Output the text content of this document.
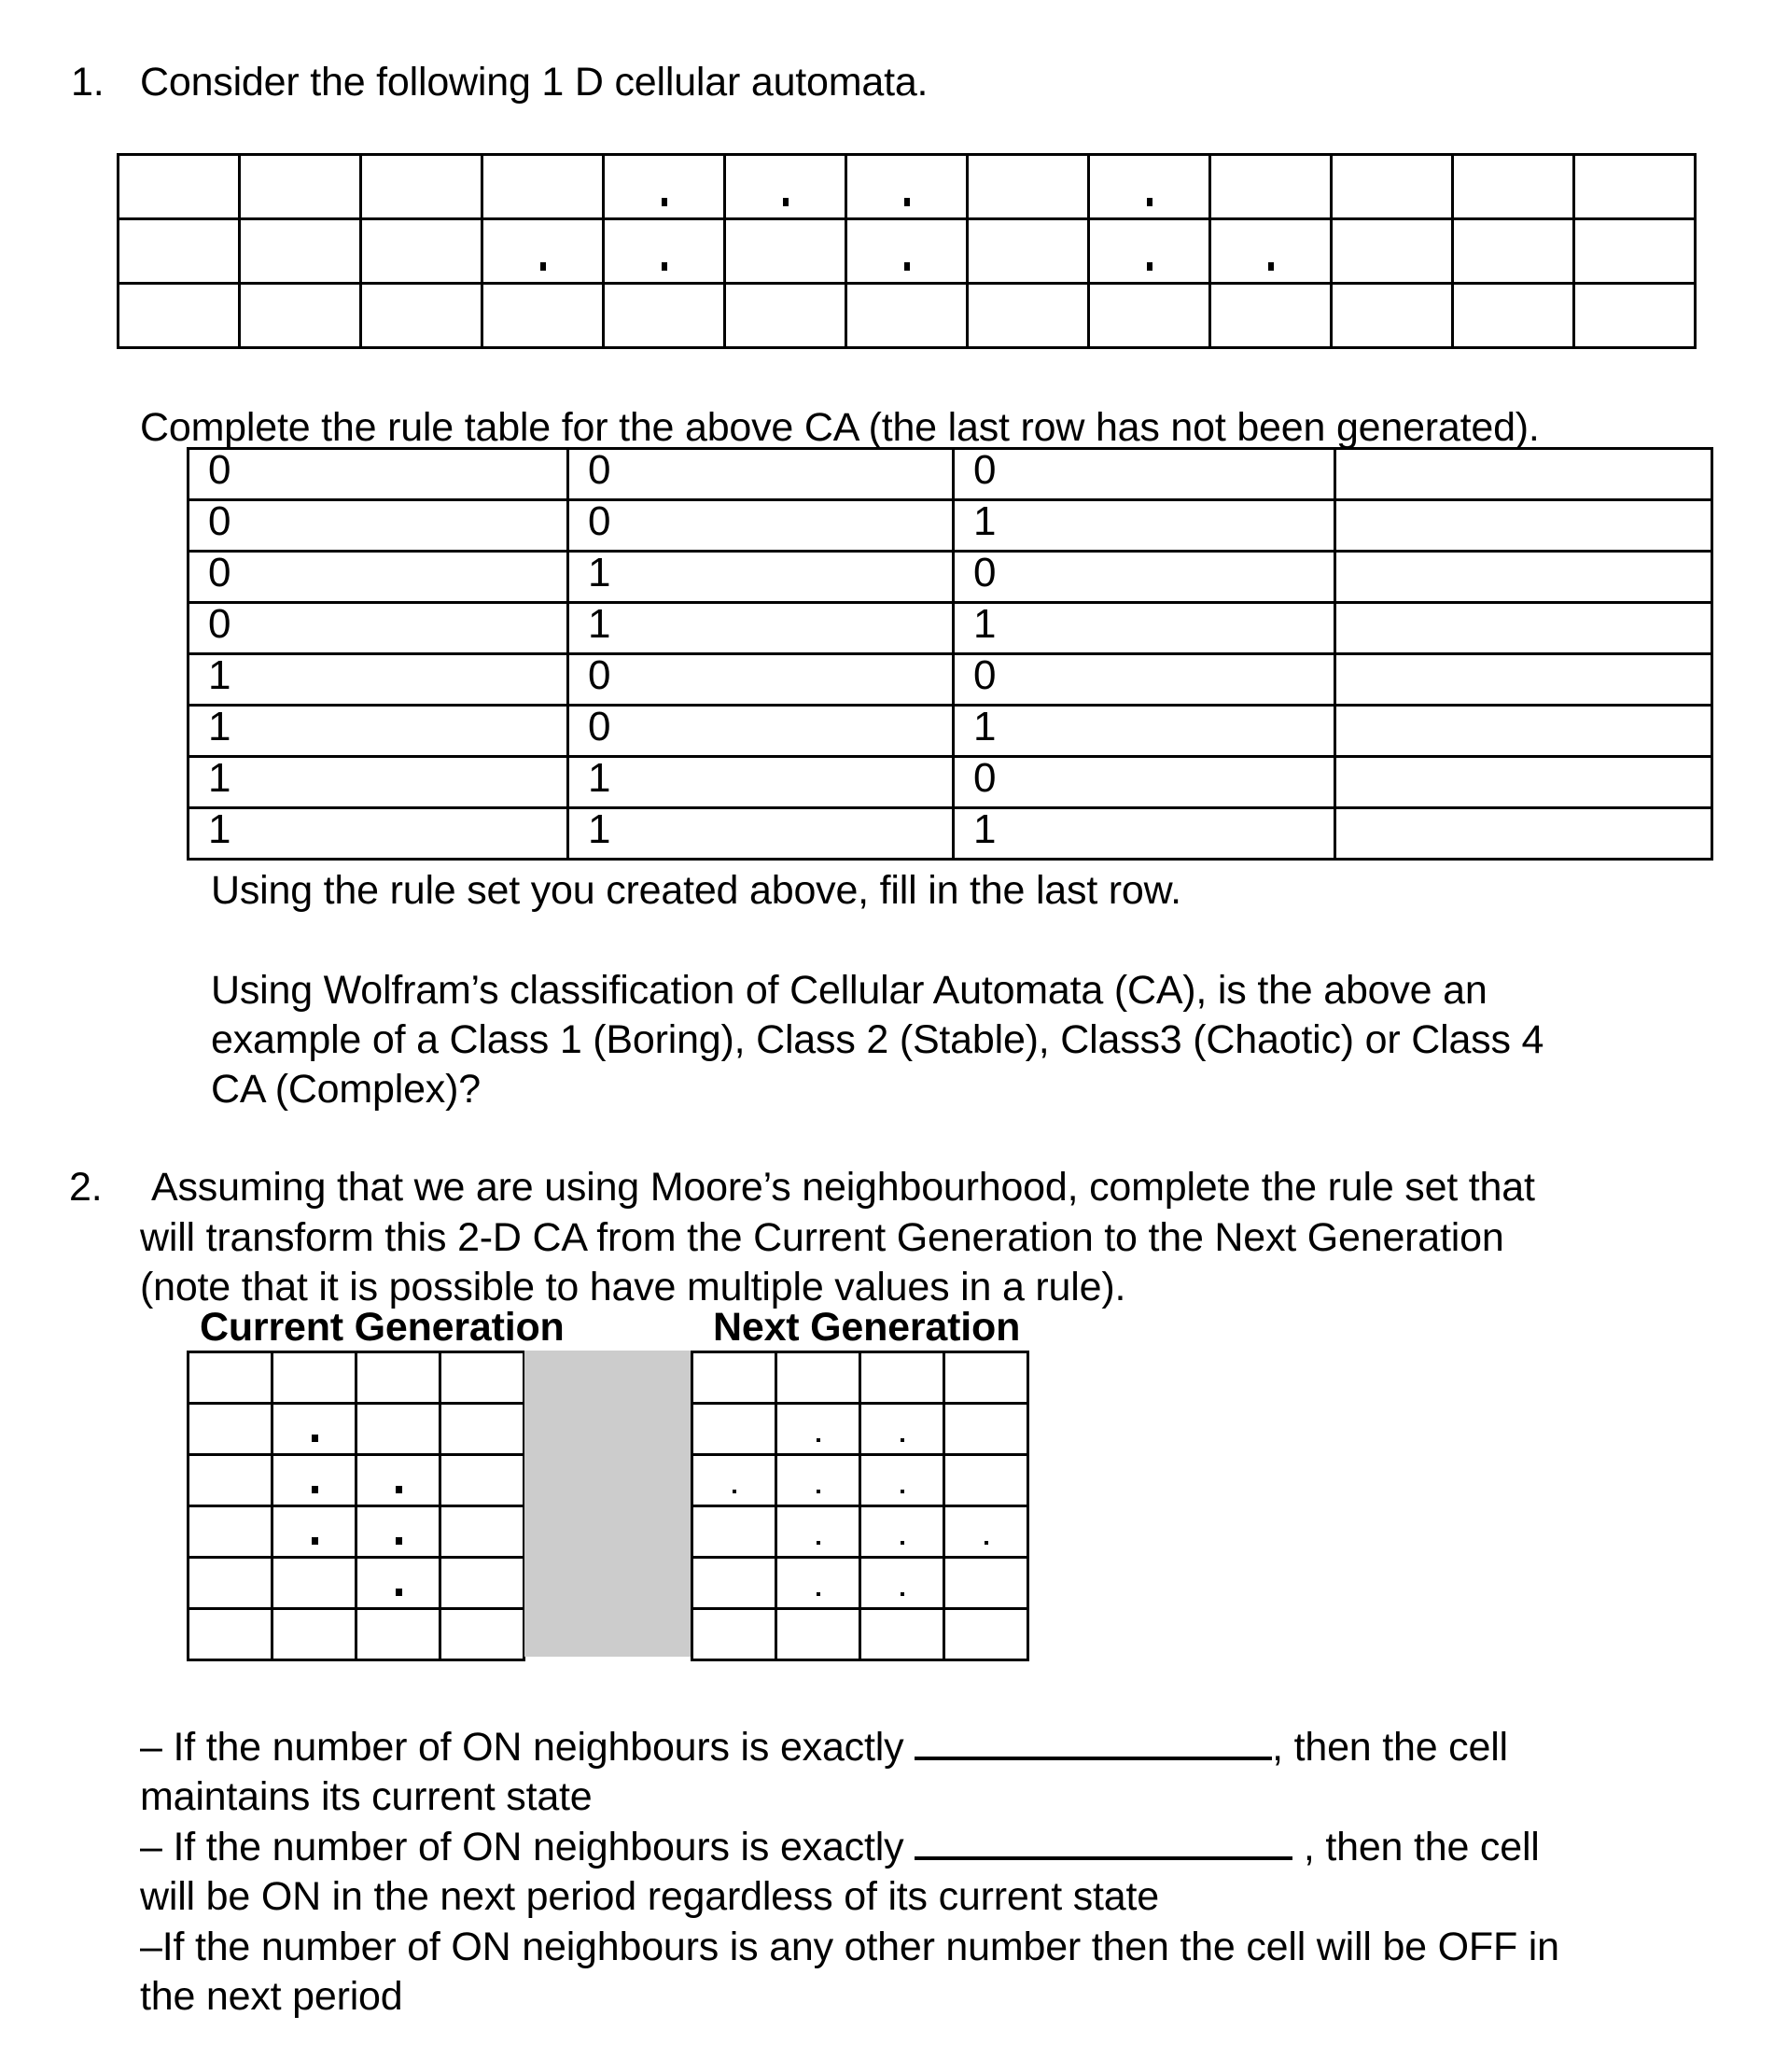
1. Consider the following 1 D cellular automata.

Complete the rule table for the above CA (the last row has not been generated).
0	0	0	
0	0	1	
0	1	0	
0	1	1	
1	0	0	
1	0	1	
1	1	0	
1	1	1	
Using the rule set you created above, fill in the last row.
Using Wolfram’s classification of Cellular Automata (CA), is the above an
example of a Class 1 (Boring), Class 2 (Stable), Class3 (Chaotic) or Class 4
CA (Complex)?
2. Assuming that we are using Moore’s neighbourhood, complete the rule set that
will transform this 2-D CA from the Current Generation to the Next Generation
(note that it is possible to have multiple values in a rule).
Current Generation	Next Generation

– If the number of ON neighbours is exactly	, then the cell
maintains its current state
– If the number of ON neighbours is exactly	, then the cell
will be ON in the next period regardless of its current state
–If the number of ON neighbours is any other number then the cell will be OFF in
the next period
